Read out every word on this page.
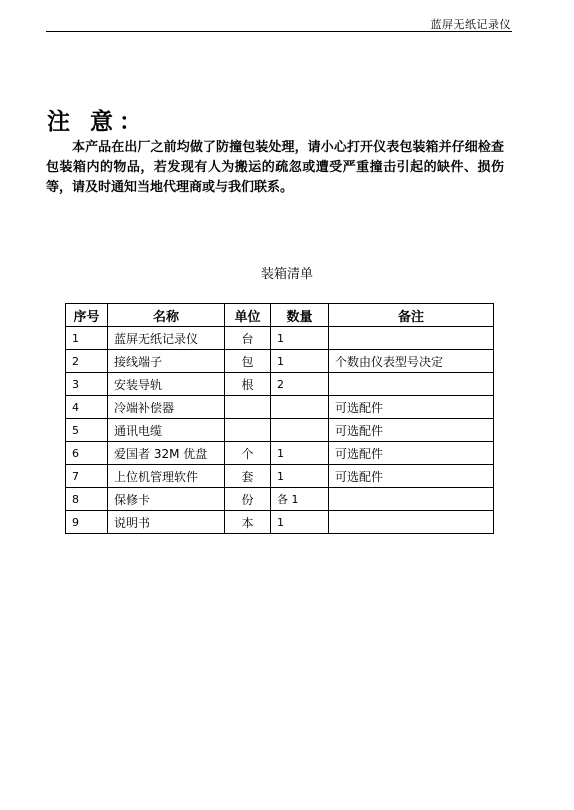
蓝屏无纸记录仪
注 意：
本产品在出厂之前均做了防撞包装处理，请小心打开仪表包装箱并仔细检查包装箱内的物品，若发现有人为搬运的疏忽或遭受严重撞击引起的缺件、损伤等，请及时通知当地代理商或与我们联系。
装箱清单
序号	名称	单位	数量	备注
1	蓝屏无纸记录仪	台	1	
2	接线端子	包	1	个数由仪表型号决定
3	安装导轨	根	2	
4	冷端补偿器			可选配件
5	通讯电缆			可选配件
6	爱国者 32M 优盘	个	1	可选配件
7	上位机管理软件	套	1	可选配件
8	保修卡	份	各 1	
9	说明书	本	1	
